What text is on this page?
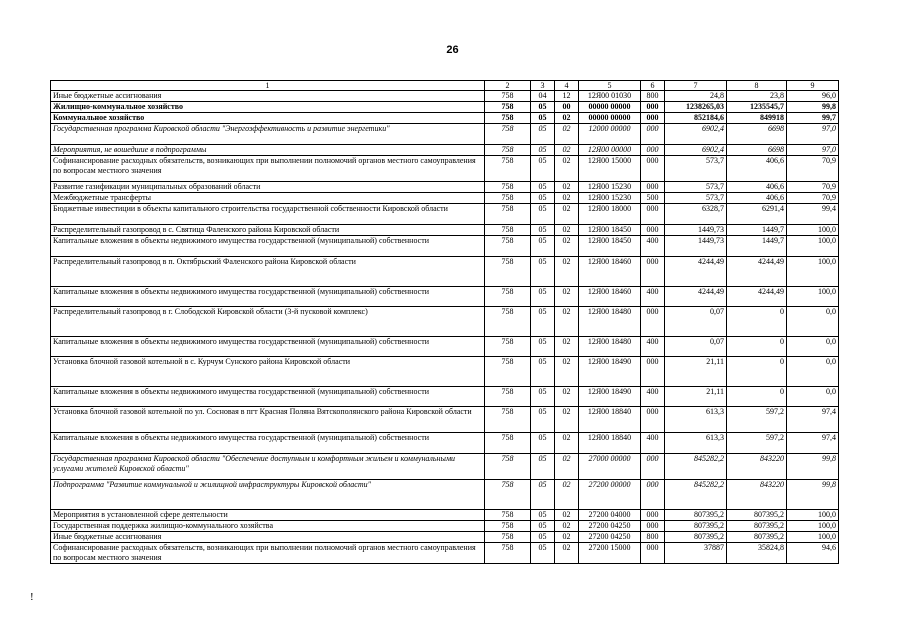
26
!
1	2	3	4	5	6	7	8	9
Иные бюджетные ассигнования	758	04	12	12Я00 01030	800	24,8	23,8	96,0
Жилищно-коммунальное хозяйство	758	05	00	00000 00000	000	1238265,03	1235545,7	99,8
Коммунальное хозяйство	758	05	02	00000 00000	000	852184,6	849918	99,7
Государственная программа Кировской области "Энергоэффективность и развитие энергетики"	758	05	02	12000 00000	000	6902,4	6698	97,0
Мероприятия, не вошедшие в подпрограммы	758	05	02	12Я00 00000	000	6902,4	6698	97,0
Софинансирование расходных обязательств, возникающих при выполнении полномочий органов местного самоуправления по вопросам местного значения	758	05	02	12Я00 15000	000	573,7	406,6	70,9
Развитие газификации муниципальных образований области	758	05	02	12Я00 15230	000	573,7	406,6	70,9
Межбюджетные трансферты	758	05	02	12Я00 15230	500	573,7	406,6	70,9
Бюджетные инвестиции в объекты капитального строительства государственной собственности Кировской области	758	05	02	12Я00 18000	000	6328,7	6291,4	99,4
Распределительный газопровод в с. Святица Фаленского района Кировской области	758	05	02	12Я00 18450	000	1449,73	1449,7	100,0
Капитальные вложения в объекты недвижимого имущества государственной (муниципальной) собственности	758	05	02	12Я00 18450	400	1449,73	1449,7	100,0
Распределительный газопровод в п. Октябрьский Фаленского района Кировской области	758	05	02	12Я00 18460	000	4244,49	4244,49	100,0
Капитальные вложения в объекты недвижимого имущества государственной (муниципальной) собственности	758	05	02	12Я00 18460	400	4244,49	4244,49	100,0
Распределительный газопровод в г. Слободской Кировской области (3-й пусковой комплекс)	758	05	02	12Я00 18480	000	0,07	0	0,0
Капитальные вложения в объекты недвижимого имущества государственной (муниципальной) собственности	758	05	02	12Я00 18480	400	0,07	0	0,0
Установка блочной газовой котельной в с. Курчум Сунского района Кировской области	758	05	02	12Я00 18490	000	21,11	0	0,0
Капитальные вложения в объекты недвижимого имущества государственной (муниципальной) собственности	758	05	02	12Я00 18490	400	21,11	0	0,0
Установка блочной газовой котельной по ул. Сосновая в пгт Красная Поляна Вятскополянского района Кировской области	758	05	02	12Я00 18840	000	613,3	597,2	97,4
Капитальные вложения в объекты недвижимого имущества государственной (муниципальной) собственности	758	05	02	12Я00 18840	400	613,3	597,2	97,4
Государственная программа Кировской области "Обеспечение доступным и комфортным жильем и коммунальными услугами жителей Кировской области"	758	05	02	27000 00000	000	845282,2	843220	99,8
Подпрограмма "Развитие коммунальной и жилищной инфраструктуры Кировской области"	758	05	02	27200 00000	000	845282,2	843220	99,8
Мероприятия в установленной сфере деятельности	758	05	02	27200 04000	000	807395,2	807395,2	100,0
Государственная поддержка жилищно-коммунального хозяйства	758	05	02	27200 04250	000	807395,2	807395,2	100,0
Иные бюджетные ассигнования	758	05	02	27200 04250	800	807395,2	807395,2	100,0
Софинансирование расходных обязательств, возникающих при выполнении полномочий органов местного самоуправления по вопросам местного значения	758	05	02	27200 15000	000	37887	35824,8	94,6
